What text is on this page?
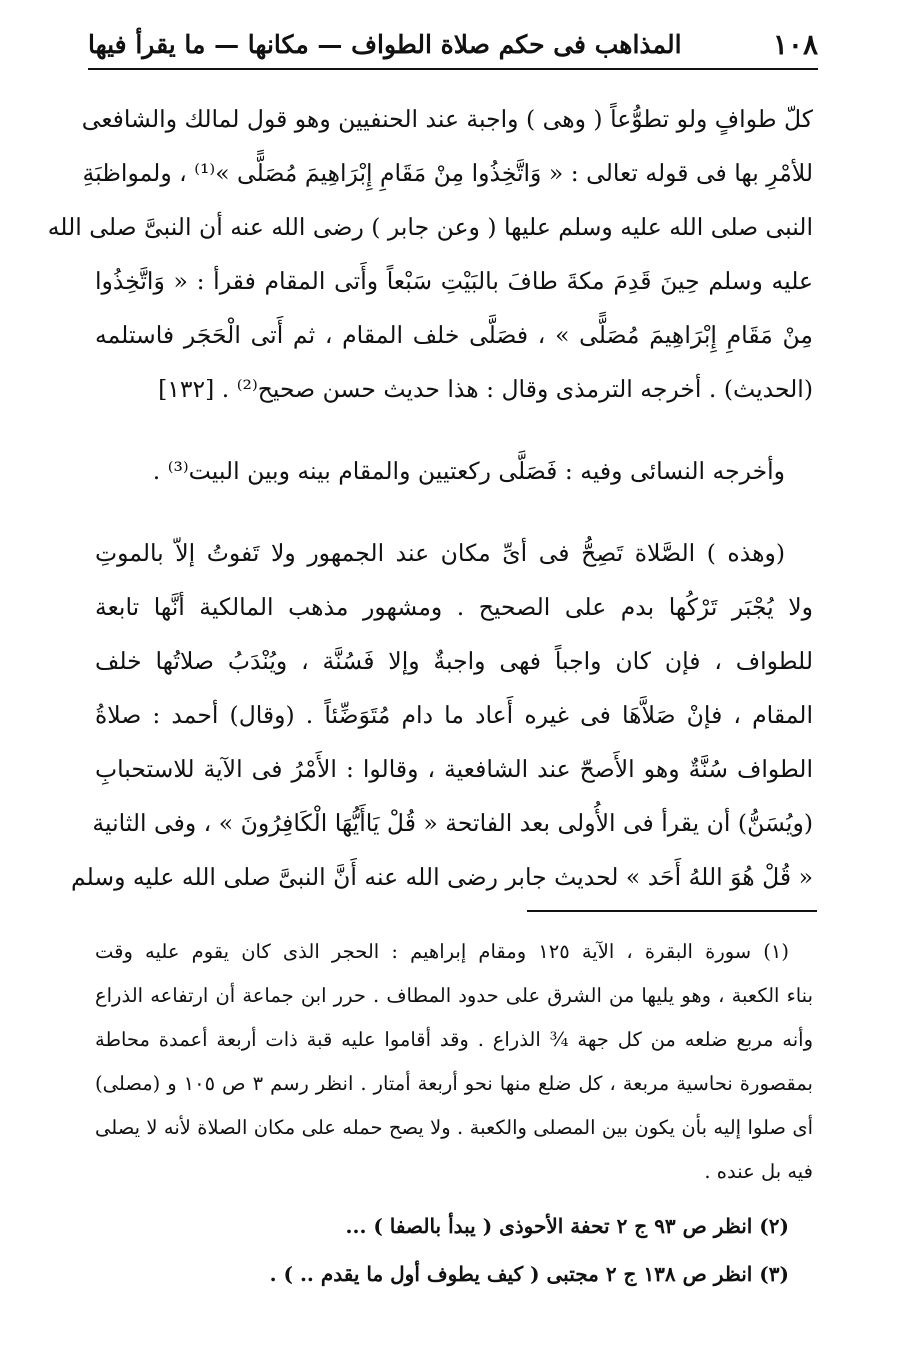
١٠٨
المذاهب فى حكم صلاة الطواف — مكانها — ما يقرأ فيها
كلّ طوافٍ ولو تطوُّعاً ( وهى ) واجبة عند الحنفيين وهو قول لمالك والشافعى
للأمْرِ بها فى قوله تعالى : « وَاتَّخِذُوا مِنْ مَقَامِ إِبْرَاهِيمَ مُصَلًّى »⁽¹⁾ ، ولمواظبَةِ
النبى صلى الله عليه وسلم عليها ( وعن جابر ) رضى الله عنه أن النبىَّ صلى الله
عليه وسلم حِينَ قَدِمَ مكةَ طافَ بالبَيْتِ سَبْعاً وأَتى المقام فقرأ : « وَاتَّخِذُوا
مِنْ مَقَامِ إِبْرَاهِيمَ مُصَلًّى » ، فصَلَّى خلف المقام ، ثم أَتى الْحَجَر فاستلمه
(الحديث) . أخرجه الترمذى وقال : هذا حديث حسن صحيح⁽²⁾ . [١٣٢]
وأخرجه النسائى وفيه : فَصَلَّى ركعتيين والمقام بينه وبين البيت⁽³⁾ .
(وهذه ) الصَّلاة تَصِحُّ فى أىِّ مكان عند الجمهور ولا تَفوتُ إلاّ بالموتِ
ولا يُجْبَر تَرْكُها بدم على الصحيح . ومشهور مذهب المالكية أنَّها تابعة
للطواف ، فإن كان واجباً فهى واجبةٌ وإلا فَسُنَّة ، ويُنْدَبُ صلاتُها خلف
المقام ، فإنْ صَلاَّهَا فى غيره أَعاد ما دام مُتَوَضِّئاً . (وقال) أحمد : صلاةُ
الطواف سُنَّةٌ وهو الأَصحّ عند الشافعية ، وقالوا : الأَمْرُ فى الآية للاستحبابِ
(ويُسَنُّ) أن يقرأ فى الأُولى بعد الفاتحة « قُلْ يَاأَيُّهَا الْكَافِرُونَ » ، وفى الثانية
« قُلْ هُوَ اللهُ أَحَد » لحديث جابر رضى الله عنه أَنَّ النبىَّ صلى الله عليه وسلم
(١) سورة البقرة ، الآية ١٢٥ ومقام إبراهيم : الحجر الذى كان يقوم عليه وقت
بناء الكعبة ، وهو يليها من الشرق على حدود المطاف . حرر ابن جماعة أن ارتفاعه الذراع
وأنه مربع ضلعه من كل جهة ¾ الذراع . وقد أقاموا عليه قبة ذات أربعة أعمدة محاطة
بمقصورة نحاسية مربعة ، كل ضلع منها نحو أربعة أمتار . انظر رسم ٣ ص ١٠٥ و (مصلى)
أى صلوا إليه بأن يكون بين المصلى والكعبة . ولا يصح حمله على مكان الصلاة لأنه لا يصلى
فيه بل عنده .
(٢) انظر ص ٩٣ ج ٢ تحفة الأحوذى ( يبدأ بالصفا ) ...
(٣) انظر ص ١٣٨ ج ٢ مجتبى ( كيف يطوف أول ما يقدم .. ) .
